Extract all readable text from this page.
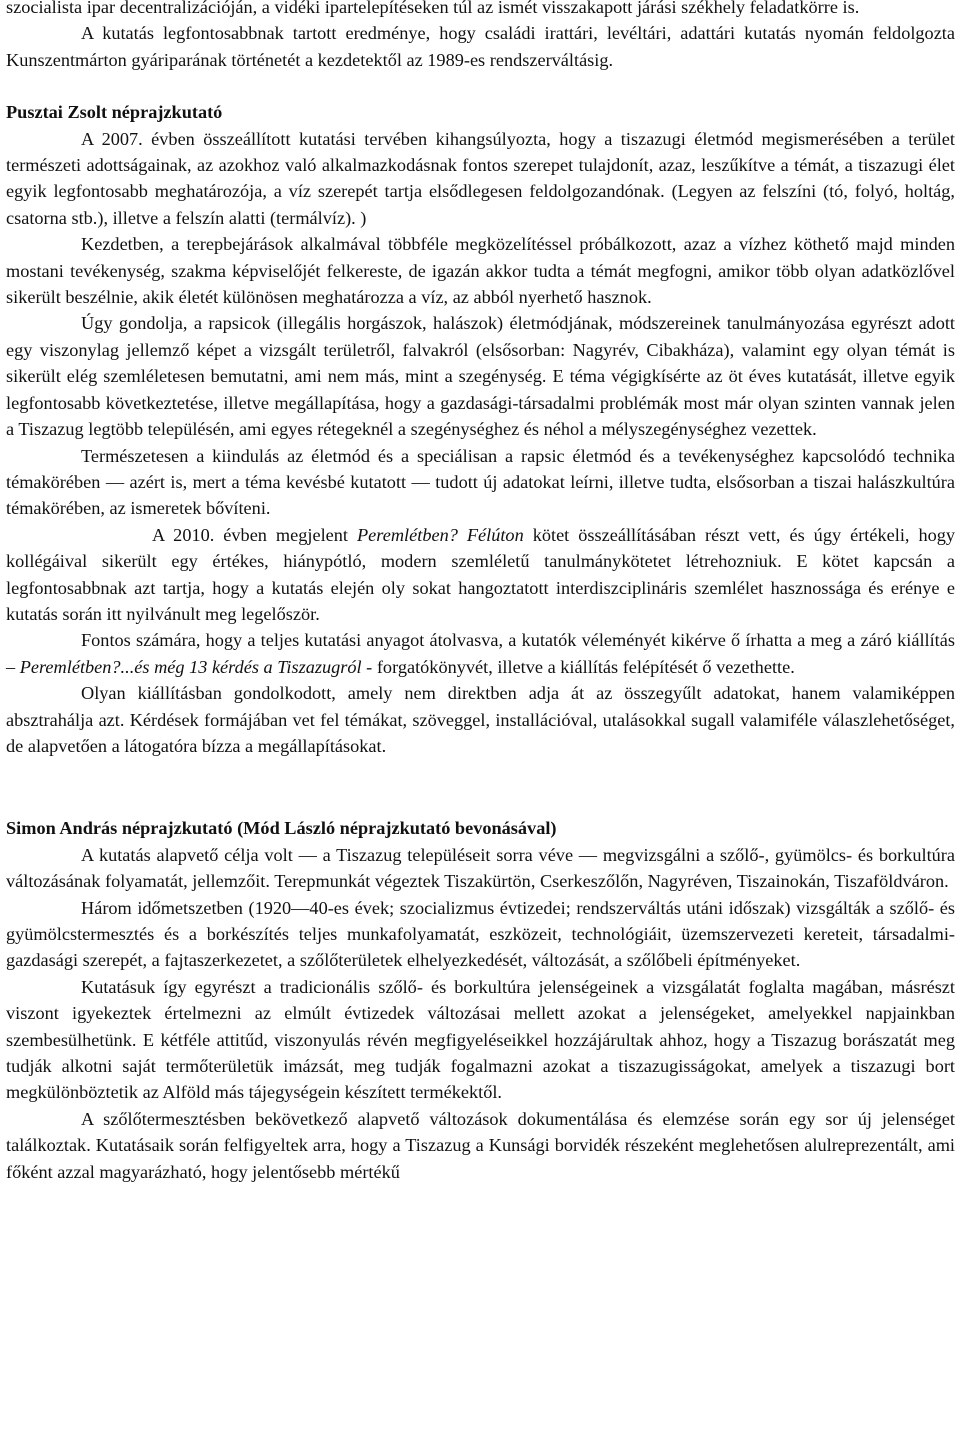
szocialista ipar decentralizációján, a vidéki ipartelepítéseken túl az ismét visszakapott járási székhely feladatkörre is.

A kutatás legfontosabbnak tartott eredménye, hogy családi irattári, levéltári, adattári kutatás nyomán feldolgozta Kunszentmárton gyáriparának történetét a kezdetektől az 1989-es rendszerváltásig.

Pusztai Zsolt néprajzkutató

A 2007. évben összeállított kutatási tervében kihangsúlyozta, hogy a tiszazugi életmód megismerésében a terület természeti adottságainak, az azokhoz való alkalmazkodásnak fontos szerepet tulajdonít, azaz, leszűkítve a témát, a tiszazugi élet egyik legfontosabb meghatározója, a víz szerepét tartja elsődlegesen feldolgozandónak. (Legyen az felszíni (tó, folyó, holtág, csatorna stb.), illetve a felszín alatti (termálvíz). )

Kezdetben, a terepbejárások alkalmával többféle megközelítéssel próbálkozott, azaz a vízhez köthető majd minden mostani tevékenység, szakma képviselőjét felkereste, de igazán akkor tudta a témát megfogni, amikor több olyan adatközlővel sikerült beszélnie, akik életét különösen meghatározza a víz, az abból nyerhető hasznok.

Úgy gondolja, a rapsicok (illegális horgászok, halászok) életmódjának, módszereinek tanulmányozása egyrészt adott egy viszonylag jellemző képet a vizsgált területről, falvakról (elsősorban: Nagyrév, Cibakháza), valamint egy olyan témát is sikerült elég szemléletesen bemutatni, ami nem más, mint a szegénység. E téma végigkísérte az öt éves kutatását, illetve egyik legfontosabb következtetése, illetve megállapítása, hogy a gazdasági-társadalmi problémák most már olyan szinten vannak jelen a Tiszazug legtöbb településén, ami egyes rétegeknél a szegénységhez és néhol a mélyszegénységhez vezettek.

Természetesen a kiindulás az életmód és a speciálisan a rapsic életmód és a tevékenységhez kapcsolódó technika témakörében — azért is, mert a téma kevésbé kutatott — tudott új adatokat leírni, illetve tudta, elsősorban a tiszai halászkultúra témakörében, az ismeretek bővíteni.

A 2010. évben megjelent Peremlétben? Félúton kötet összeállításában részt vett, és úgy értékeli, hogy kollégáival sikerült egy értékes, hiánypótló, modern szemléletű tanulmánykötetet létrehozniuk. E kötet kapcsán a legfontosabbnak azt tartja, hogy a kutatás elején oly sokat hangoztatott interdiszciplináris szemlélet hasznossága és erénye e kutatás során itt nyilvánult meg legelőször.

Fontos számára, hogy a teljes kutatási anyagot átolvasva, a kutatók véleményét kikérve ő írhatta a meg a záró kiállítás – Peremlétben?...és még 13 kérdés a Tiszazugról - forgatókönyvét, illetve a kiállítás felépítését ő vezethette.

Olyan kiállításban gondolkodott, amely nem direktben adja át az összegyűlt adatokat, hanem valamiképpen absztrahálja azt. Kérdések formájában vet fel témákat, szöveggel, installációval, utalásokkal sugall valamiféle válaszlehetőséget, de alapvetően a látogatóra bízza a megállapításokat.

Simon András néprajzkutató (Mód László néprajzkutató bevonásával)

A kutatás alapvető célja volt — a Tiszazug településeit sorra véve — megvizsgálni a szőlő-, gyümölcs- és borkultúra változásának folyamatát, jellemzőit. Terepmunkát végeztek Tiszakürtön, Cserkeszőlőn, Nagyréven, Tiszainokán, Tiszaföldváron.

Három időmetszetben (1920—40-es évek; szocializmus évtizedei; rendszerváltás utáni időszak) vizsgálták a szőlő- és gyümölcstermesztés és a borkészítés teljes munkafolyamatát, eszközeit, technológiáit, üzemszervezeti kereteit, társadalmi-gazdasági szerepét, a fajtaszerkezetet, a szőlőterületek elhelyezkedését, változását, a szőlőbeli építményeket.

Kutatásuk így egyrészt a tradicionális szőlő- és borkultúra jelenségeinek a vizsgálatát foglalta magában, másrészt viszont igyekeztek értelmezni az elmúlt évtizedek változásai mellett azokat a jelenségeket, amelyekkel napjainkban szembesülhetünk. E kétféle attitűd, viszonyulás révén megfigyeléseikkel hozzájárultak ahhoz, hogy a Tiszazug borászatát meg tudják alkotni saját termőterületük imázsát, meg tudják fogalmazni azokat a tiszazugisságokat, amelyek a tiszazugi bort megkülönböztetik az Alföld más tájegységein készített termékektől.

A szőlőtermesztésben bekövetkező alapvető változások dokumentálása és elemzése során egy sor új jelenséget találkoztak. Kutatásaik során felfigyeltek arra, hogy a Tiszazug a Kunsági borvidék részeként meglehetősen alulreprezentált, ami főként azzal magyarázható, hogy jelentősebb mértékű
